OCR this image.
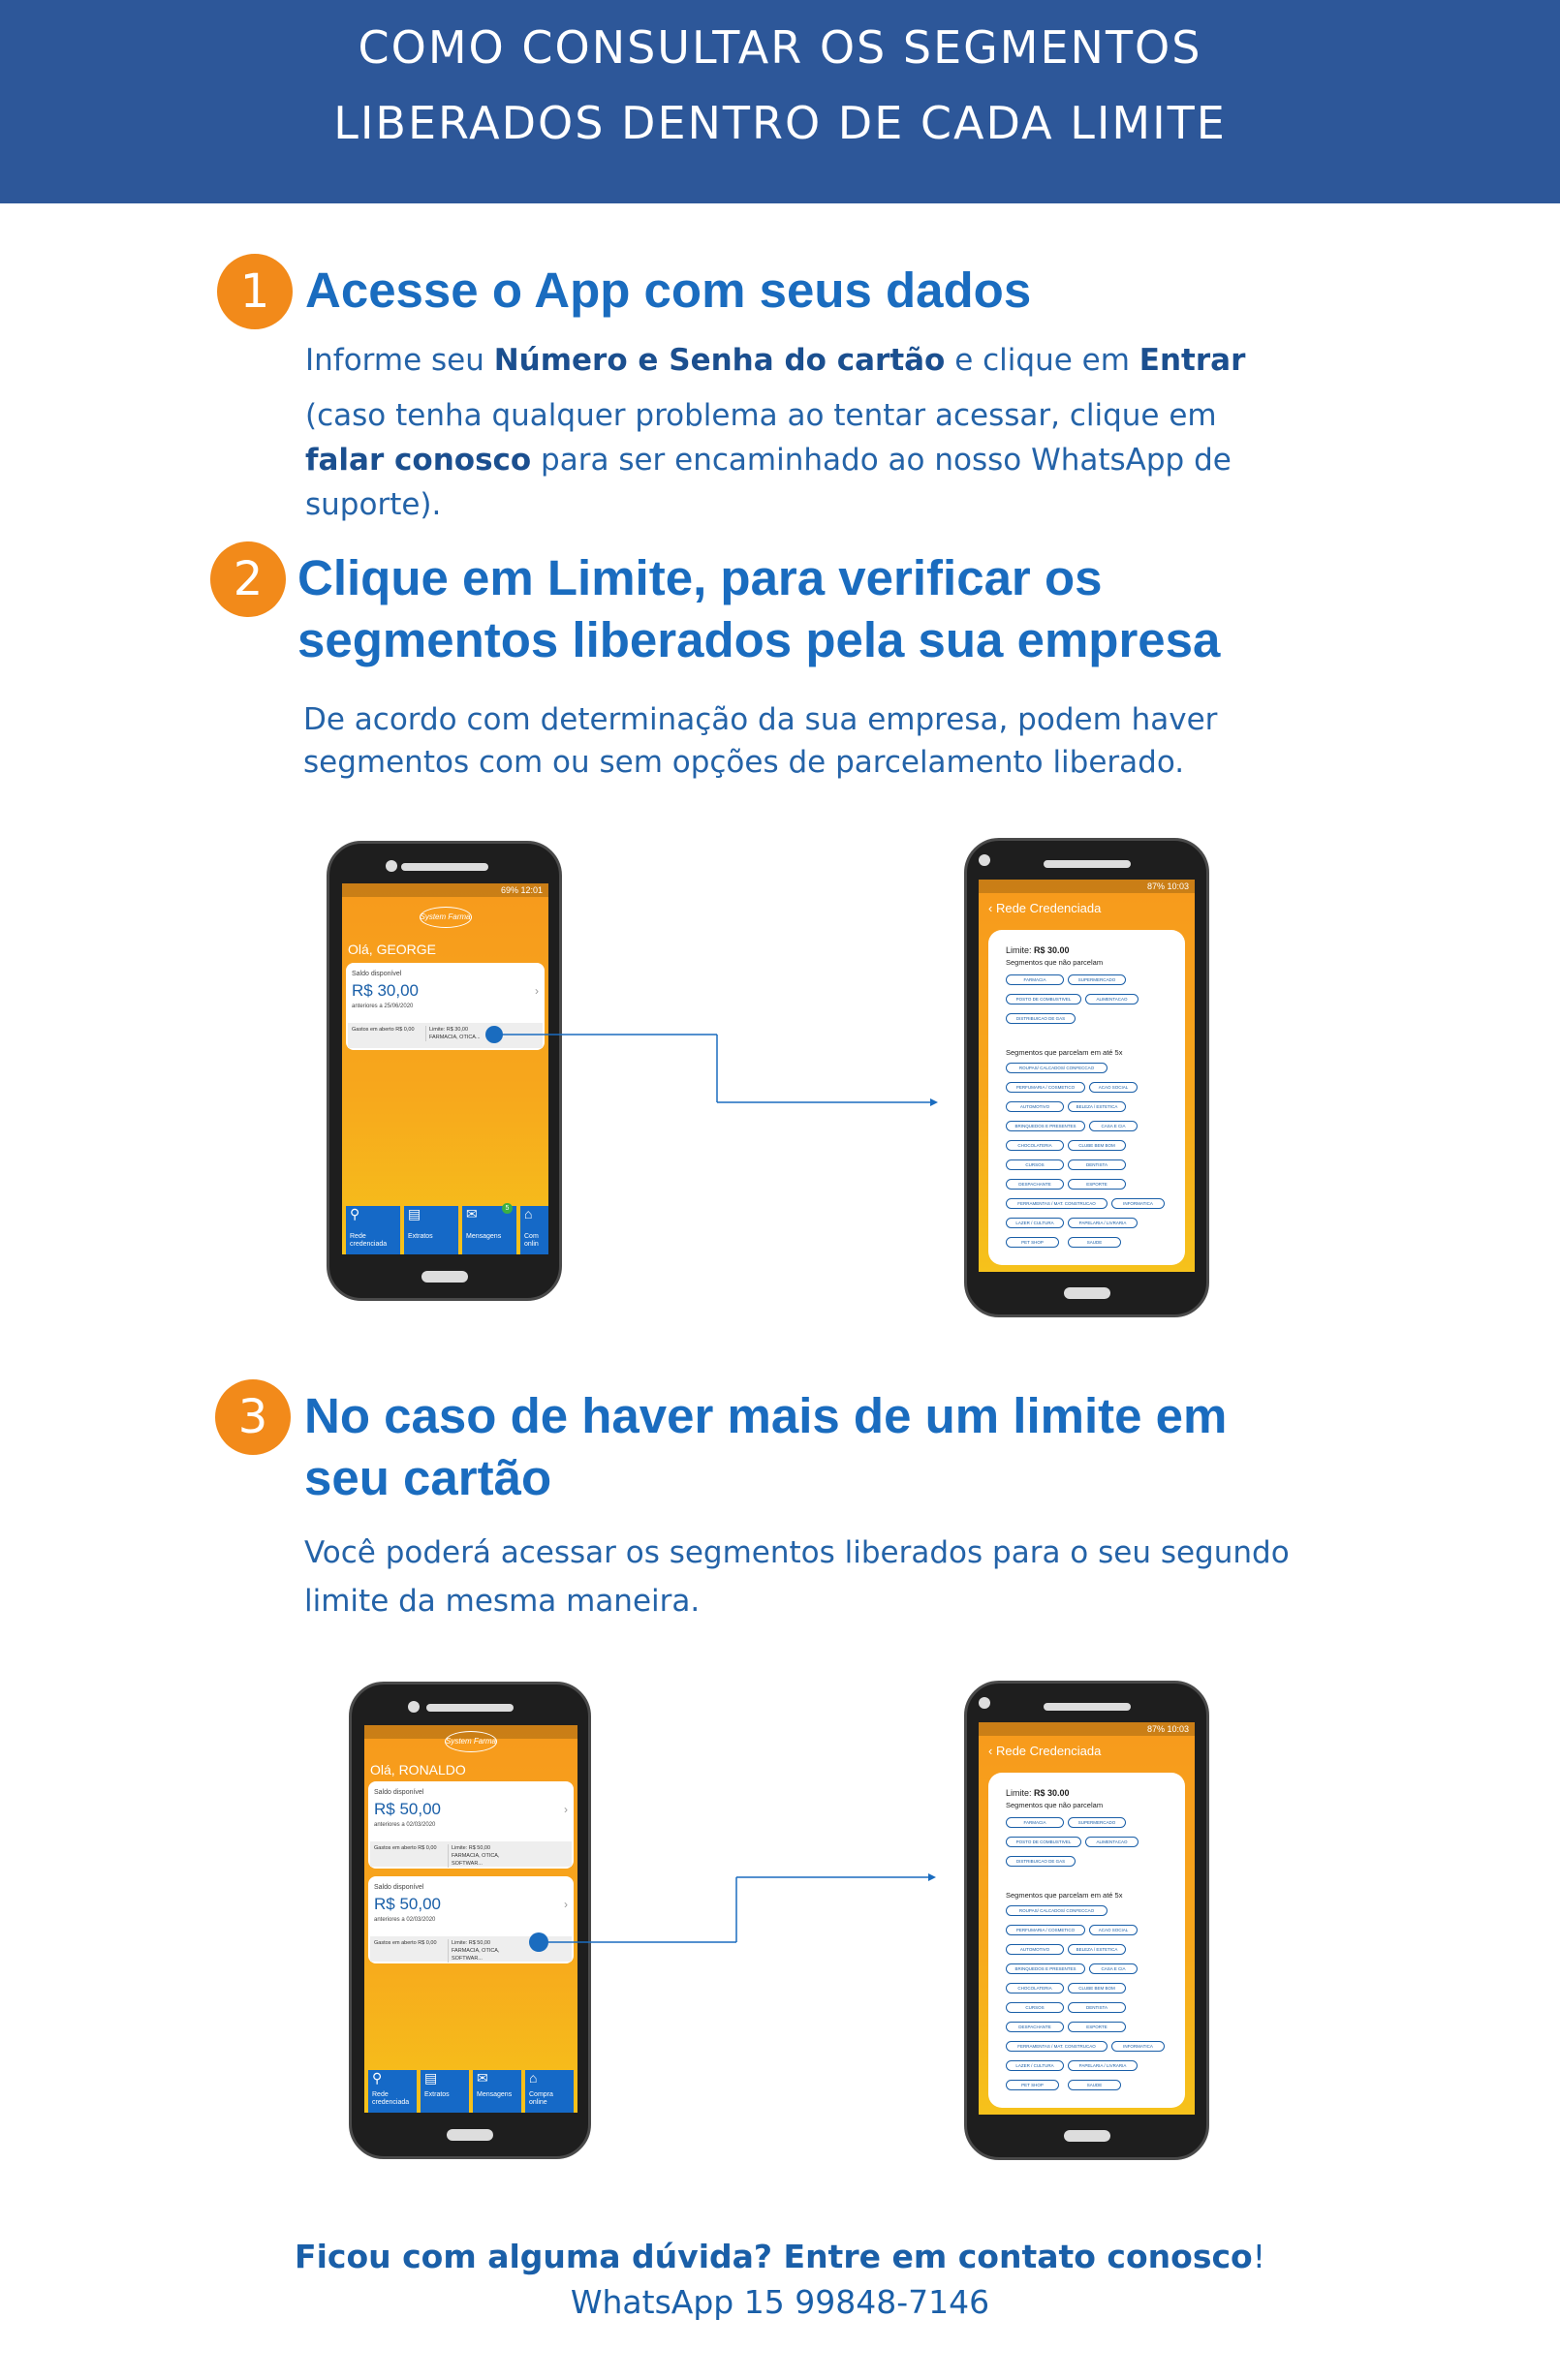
COMO CONSULTAR OS SEGMENTOS
LIBERADOS DENTRO DE CADA LIMITE
1 Acesse o App com seus dados
Informe seu Número e Senha do cartão e clique em Entrar
(caso tenha qualquer problema ao tentar acessar, clique em falar conosco para ser encaminhado ao nosso WhatsApp de suporte).
2 Clique em Limite, para verificar os
segmentos liberados pela sua empresa
De acordo com determinação da sua empresa, podem haver
segmentos com ou sem opções de parcelamento liberado.
69% 12:01
System Farma
Olá, GEORGE
Saldo disponível
R$ 30,00
anteriores a 25/06/2020
›
Gastos em aberto R$ 0,00	Limite: R$ 30,00 FARMACIA, OTICA...
⚲
Rede credenciada
▤
Extratos
✉	5
Mensagens
⌂
Com onlin
87% 10:03
‹ Rede Credenciada
Limite: R$ 30.00
Segmentos que não parcelam
FARMACIA	SUPERMERCADO
POSTO DE COMBUSTIVEL	ALIMENTACAO
DISTRIBUICAO DE GAS
Segmentos que parcelam em até 5x
ROUPAS/ CALCADOS/ CONFECCAO
PERFUMARIA / COSMETICO	ACAO SOCIAL
AUTOMOTIVO	BELEZA / ESTETICA
BRINQUEDOS E PRESENTES	CASA E CIA
CHOCOLATERIA	CLUBE BEM BOM
CURSOS	DENTISTA
DESPACHANTE	ESPORTE
FERRAMENTAS / MAT. CONSTRUCAO	INFORMATICA
LAZER / CULTURA	PAPELARIA / LIVRARIA
PET SHOP	SAUDE
3 No caso de haver mais de um limite em
seu cartão
Você poderá acessar os segmentos liberados para o seu segundo
limite da mesma maneira.
System Farma
Olá, RONALDO
Saldo disponível
R$ 50,00
anteriores a 02/03/2020
›
Gastos em aberto R$ 0,00	Limite: R$ 50,00 FARMACIA, OTICA, SOFTWAR...
Saldo disponível
R$ 50,00
anteriores a 02/03/2020
›
Gastos em aberto R$ 0,00	Limite: R$ 50,00 FARMACIA, OTICA, SOFTWAR...
⚲
Rede credenciada
▤
Extratos
✉
Mensagens
⌂
Compra online
87% 10:03
‹ Rede Credenciada
Limite: R$ 30.00
Segmentos que não parcelam
FARMACIA	SUPERMERCADO
POSTO DE COMBUSTIVEL	ALIMENTACAO
DISTRIBUICAO DE GAS
Segmentos que parcelam em até 5x
ROUPAS/ CALCADOS/ CONFECCAO
PERFUMARIA / COSMETICO	ACAO SOCIAL
AUTOMOTIVO	BELEZA / ESTETICA
BRINQUEDOS E PRESENTES	CASA E CIA
CHOCOLATERIA	CLUBE BEM BOM
CURSOS	DENTISTA
DESPACHANTE	ESPORTE
FERRAMENTAS / MAT. CONSTRUCAO	INFORMATICA
LAZER / CULTURA	PAPELARIA / LIVRARIA
PET SHOP	SAUDE
Ficou com alguma dúvida? Entre em contato conosco!
WhatsApp 15 99848-7146
